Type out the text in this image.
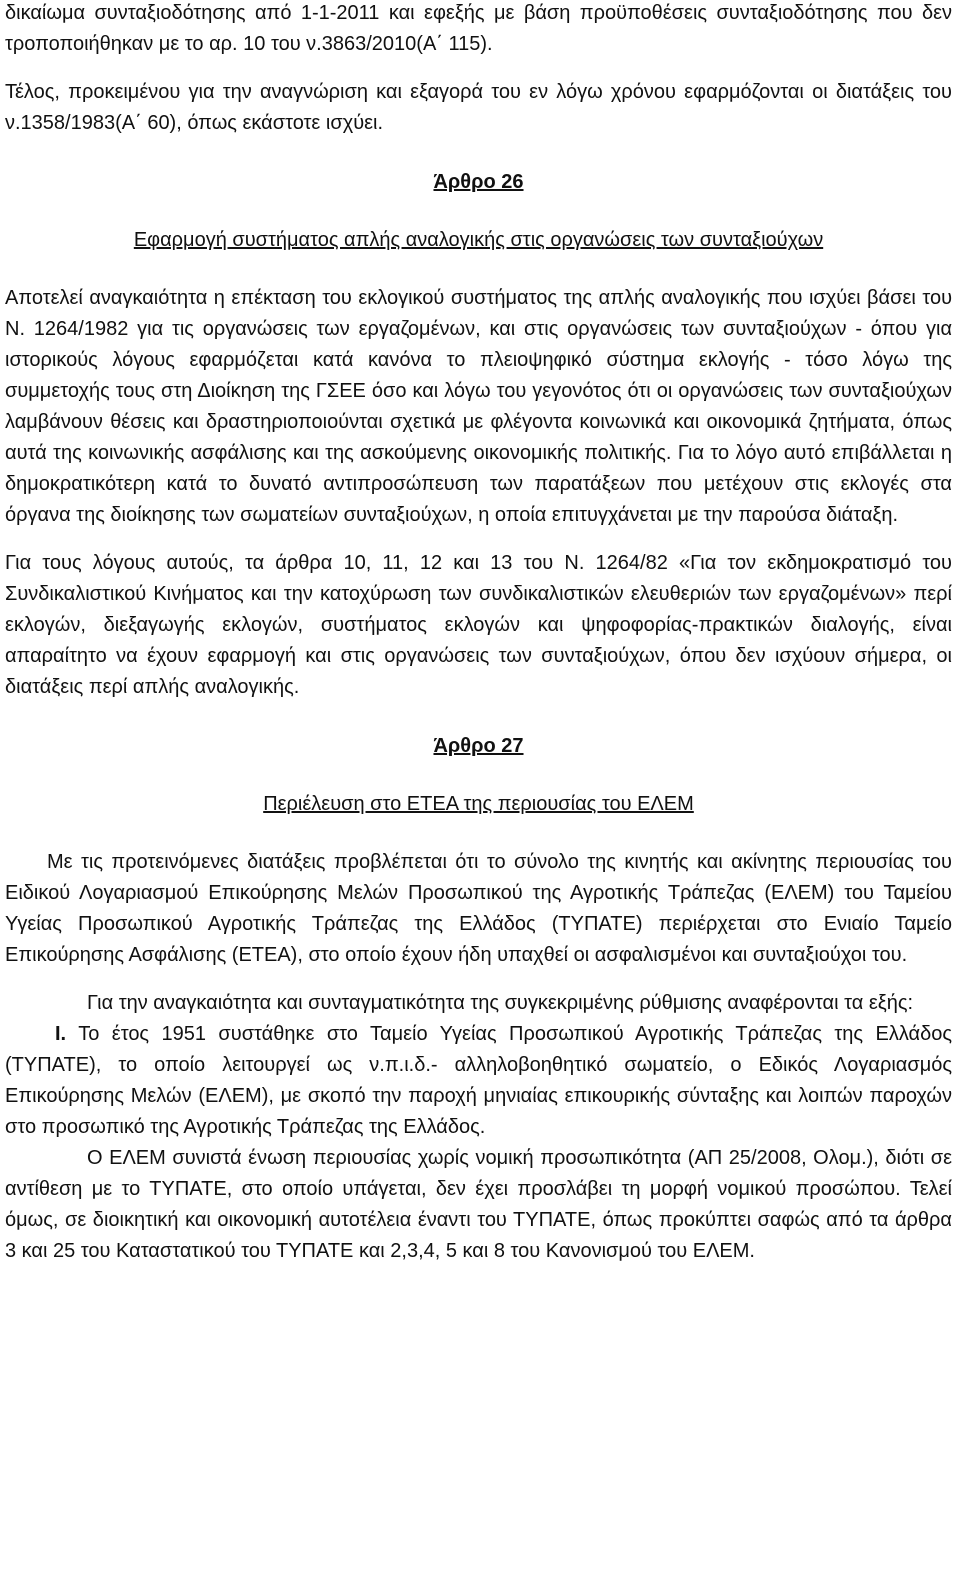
δικαίωμα συνταξιοδότησης από 1-1-2011 και εφεξής με βάση προϋποθέσεις συνταξιοδότησης που δεν τροποποιήθηκαν με το αρ. 10 του ν.3863/2010(Α΄ 115).

Τέλος, προκειμένου για την αναγνώριση και εξαγορά του εν λόγω χρόνου εφαρμόζονται οι διατάξεις του ν.1358/1983(Α΄ 60), όπως εκάστοτε ισχύει.

Άρθρο 26

Εφαρμογή συστήματος απλής αναλογικής στις οργανώσεις των συνταξιούχων

Αποτελεί αναγκαιότητα η επέκταση του εκλογικού συστήματος της απλής αναλογικής που ισχύει βάσει του Ν. 1264/1982 για τις οργανώσεις των εργαζομένων, και στις οργανώσεις των συνταξιούχων - όπου για ιστορικούς λόγους εφαρμόζεται κατά κανόνα το πλειοψηφικό σύστημα εκλογής - τόσο λόγω της συμμετοχής τους στη Διοίκηση της ΓΣΕΕ όσο και λόγω του γεγονότος ότι οι οργανώσεις των συνταξιούχων λαμβάνουν θέσεις και δραστηριοποιούνται σχετικά με φλέγοντα κοινωνικά και οικονομικά ζητήματα, όπως αυτά της κοινωνικής ασφάλισης και της ασκούμενης οικονομικής πολιτικής. Για το λόγο αυτό επιβάλλεται η δημοκρατικότερη κατά το δυνατό αντιπροσώπευση των παρατάξεων που μετέχουν στις εκλογές στα όργανα της διοίκησης των σωματείων συνταξιούχων, η οποία επιτυγχάνεται με την παρούσα διάταξη.

Για τους λόγους αυτούς, τα άρθρα 10, 11, 12 και 13 του Ν. 1264/82 «Για τον εκδημοκρατισμό του Συνδικαλιστικού Κινήματος και την κατοχύρωση των συνδικαλιστικών ελευθεριών των εργαζομένων» περί εκλογών, διεξαγωγής εκλογών, συστήματος εκλογών και ψηφοφορίας-πρακτικών διαλογής, είναι απαραίτητο να έχουν εφαρμογή και στις οργανώσεις των συνταξιούχων, όπου δεν ισχύουν σήμερα, οι διατάξεις περί απλής αναλογικής.

Άρθρο 27

Περιέλευση στο ΕΤΕΑ της περιουσίας του ΕΛΕΜ

Με τις προτεινόμενες διατάξεις προβλέπεται ότι το σύνολο της κινητής και ακίνητης περιουσίας του Ειδικού Λογαριασμού Επικούρησης Μελών Προσωπικού της Αγροτικής Τράπεζας (ΕΛΕΜ) του Ταμείου Υγείας Προσωπικού Αγροτικής Τράπεζας της Ελλάδος (ΤΥΠΑΤΕ) περιέρχεται στο Ενιαίο Ταμείο Επικούρησης Ασφάλισης (ΕΤΕΑ), στο οποίο έχουν ήδη υπαχθεί οι ασφαλισμένοι και συνταξιούχοι του.

Για την αναγκαιότητα και συνταγματικότητα της συγκεκριμένης ρύθμισης αναφέρονται τα εξής:

Ι. Το έτος 1951 συστάθηκε στο Ταμείο Υγείας Προσωπικού Αγροτικής Τράπεζας της Ελλάδος (ΤΥΠΑΤΕ), το οποίο λειτουργεί ως ν.π.ι.δ.- αλληλοβοηθητικό σωματείο, ο Εδικός Λογαριασμός Επικούρησης Μελών (ΕΛΕΜ), με σκοπό την παροχή μηνιαίας επικουρικής σύνταξης και λοιπών παροχών στο προσωπικό της Αγροτικής Τράπεζας της Ελλάδος.

Ο ΕΛΕΜ συνιστά ένωση περιουσίας χωρίς νομική προσωπικότητα (ΑΠ 25/2008, Ολομ.), διότι σε αντίθεση με το ΤΥΠΑΤΕ, στο οποίο υπάγεται, δεν έχει προσλάβει τη μορφή νομικού προσώπου. Τελεί όμως, σε διοικητική και οικονομική αυτοτέλεια έναντι του ΤΥΠΑΤΕ, όπως προκύπτει σαφώς από τα άρθρα 3 και 25 του Καταστατικού του ΤΥΠΑΤΕ και 2,3,4, 5 και 8 του Κανονισμού του ΕΛΕΜ.
